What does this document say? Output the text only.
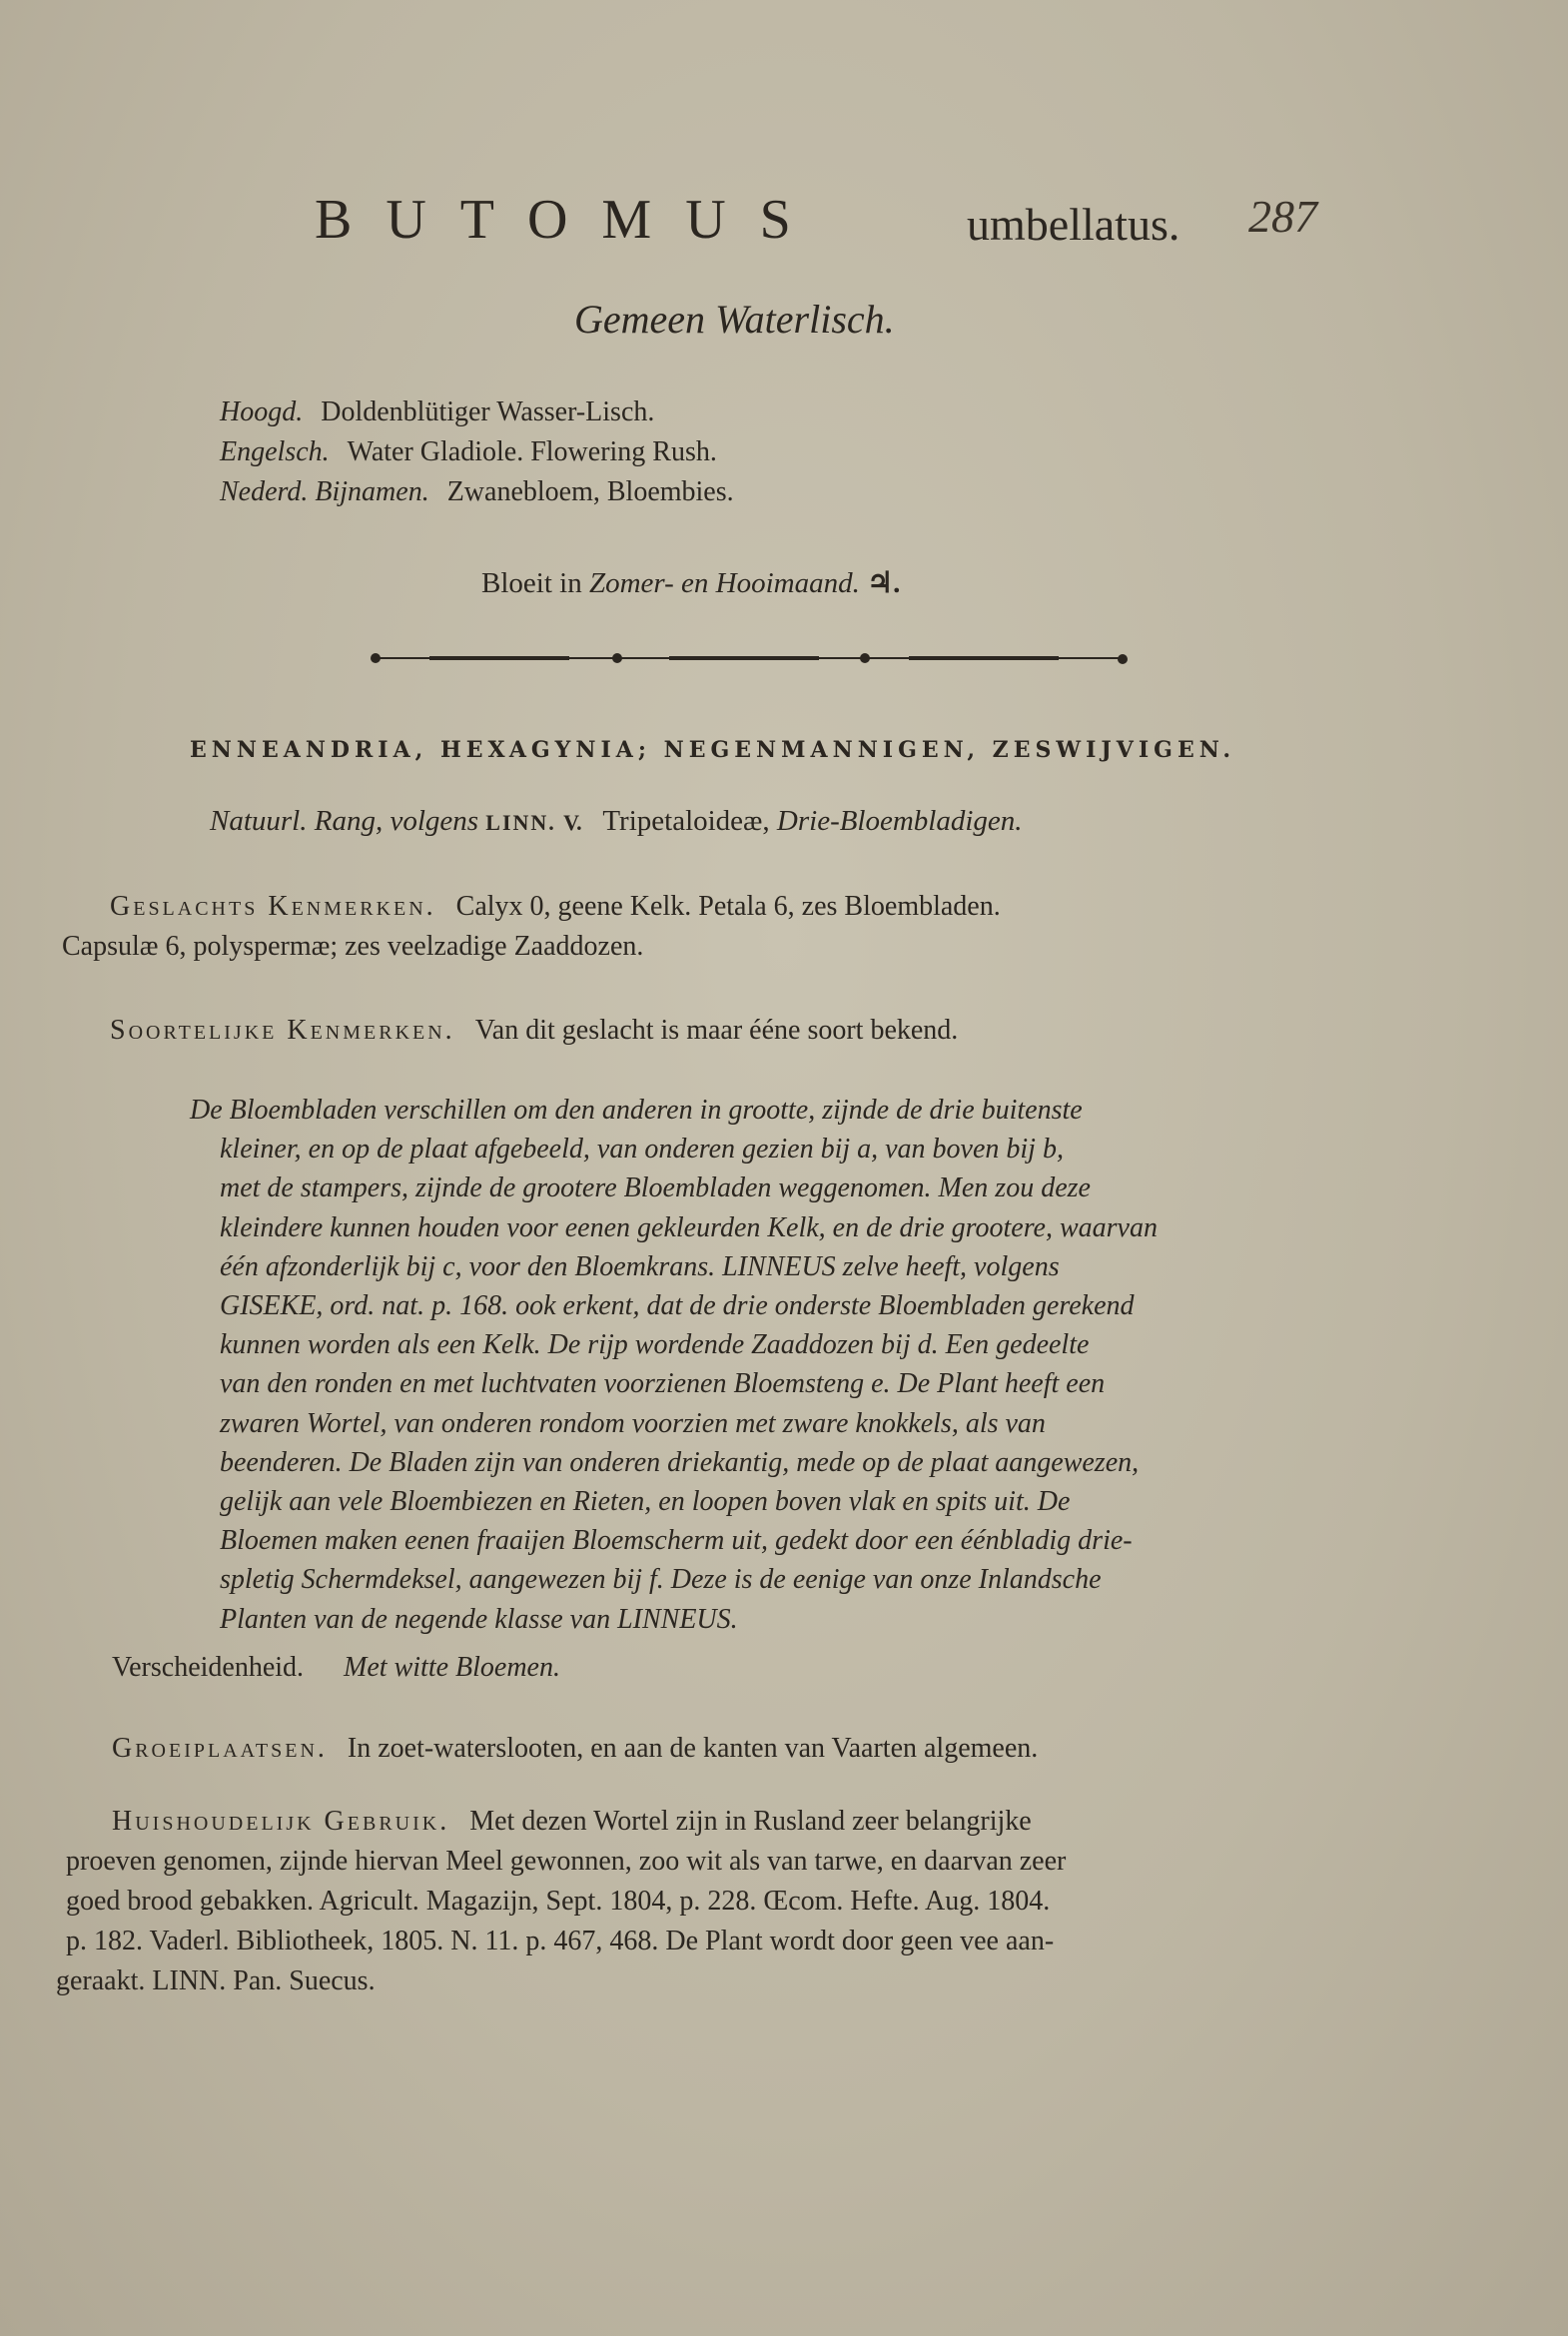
BUTOMUS	umbellatus. 287
Gemeen Waterlisch.
Hoogd. Doldenblütiger Wasser-Lisch.
Engelsch. Water Gladiole. Flowering Rush.
Nederd. Bijnamen. Zwanebloem, Bloembies.
Bloeit in Zomer- en Hooimaand. ♃.
ENNEANDRIA, HEXAGYNIA; NEGENMANNIGEN, ZESWIJVIGEN.
Natuurl. Rang, volgens LINN. V. Tripetaloideæ, Drie-Bloembladigen.
Geslachts Kenmerken. Calyx 0, geene Kelk. Petala 6, zes Bloembladen.
Capsulæ 6, polyspermæ; zes veelzadige Zaaddozen.
Soortelijke Kenmerken. Van dit geslacht is maar ééne soort bekend.
De Bloembladen verschillen om den anderen in grootte, zijnde de drie buitenste
kleiner, en op de plaat afgebeeld, van onderen gezien bij a, van boven bij b,
met de stampers, zijnde de grootere Bloembladen weggenomen. Men zou deze
kleindere kunnen houden voor eenen gekleurden Kelk, en de drie grootere, waarvan
één afzonderlijk bij c, voor den Bloemkrans. LINNEUS zelve heeft, volgens
GISEKE, ord. nat. p. 168. ook erkent, dat de drie onderste Bloembladen gerekend
kunnen worden als een Kelk. De rijp wordende Zaaddozen bij d. Een gedeelte
van den ronden en met luchtvaten voorzienen Bloemsteng e. De Plant heeft een
zwaren Wortel, van onderen rondom voorzien met zware knokkels, als van
beenderen. De Bladen zijn van onderen driekantig, mede op de plaat aangewezen,
gelijk aan vele Bloembiezen en Rieten, en loopen boven vlak en spits uit. De
Bloemen maken eenen fraaijen Bloemscherm uit, gedekt door een éénbladig drie-
spletig Schermdeksel, aangewezen bij f. Deze is de eenige van onze Inlandsche
Planten van de negende klasse van LINNEUS.
Verscheidenheid. Met witte Bloemen.
Groeiplaatsen. In zoet-waterslooten, en aan de kanten van Vaarten algemeen.
Huishoudelijk Gebruik. Met dezen Wortel zijn in Rusland zeer belangrijke
proeven genomen, zijnde hiervan Meel gewonnen, zoo wit als van tarwe, en daarvan zeer
goed brood gebakken. Agricult. Magazijn, Sept. 1804, p. 228. Œcom. Hefte. Aug. 1804.
p. 182. Vaderl. Bibliotheek, 1805. N. 11. p. 467, 468. De Plant wordt door geen vee aan-
geraakt. LINN. Pan. Suecus.
